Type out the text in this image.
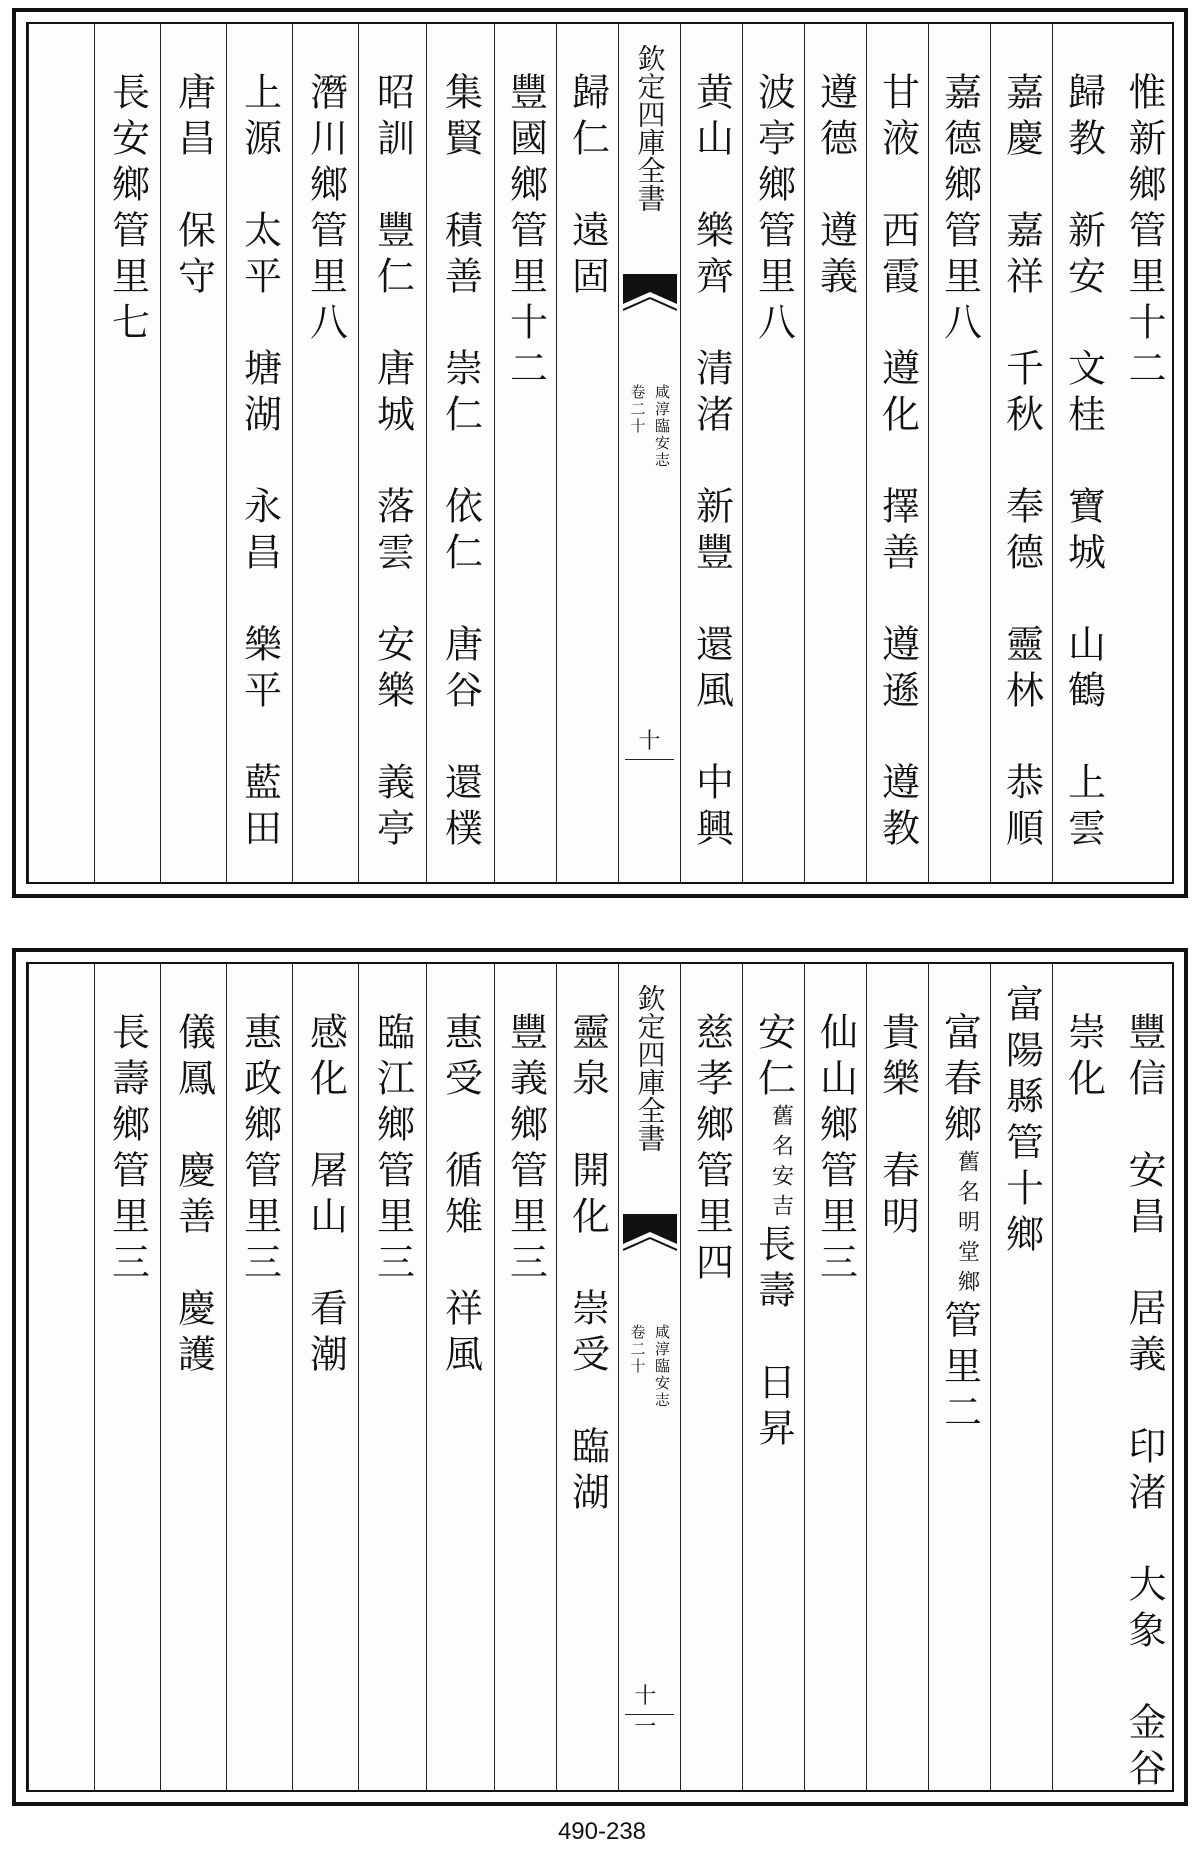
惟新鄉管里十二
歸教　新安　文桂　寶城　山鶴　上雲
嘉慶　嘉祥　千秋　奉德　靈林　恭順
嘉德鄉管里八
甘液　西霞　遵化　擇善　遵遜　遵教
遵德　遵義
波亭鄉管里八
黄山　樂齊　清渚　新豐　還風　中興
欽定四庫全書
咸淳臨安志
卷二十
十
歸仁　遠固
豐國鄉管里十二
集賢　積善　崇仁　依仁　唐谷　還樸
昭訓　豐仁　唐城　落雲　安樂　義亭
潛川鄉管里八
上源　太平　塘湖　永昌　樂平　藍田
唐昌　保守
長安鄉管里七
豐信　安昌　居義　印渚　大象　金谷
崇化
富陽縣管十鄉
富春鄉舊名明堂鄉管里二
貴樂　春明
仙山鄉管里三
安仁舊名安吉長壽　日昇
慈孝鄉管里四
欽定四庫全書
咸淳臨安志
卷二十
十一
靈泉　開化　崇受　臨湖
豐義鄉管里三
惠受　循雉　祥風
臨江鄉管里三
感化　屠山　看潮
惠政鄉管里三
儀鳳　慶善　慶護
長壽鄉管里三
490-238
